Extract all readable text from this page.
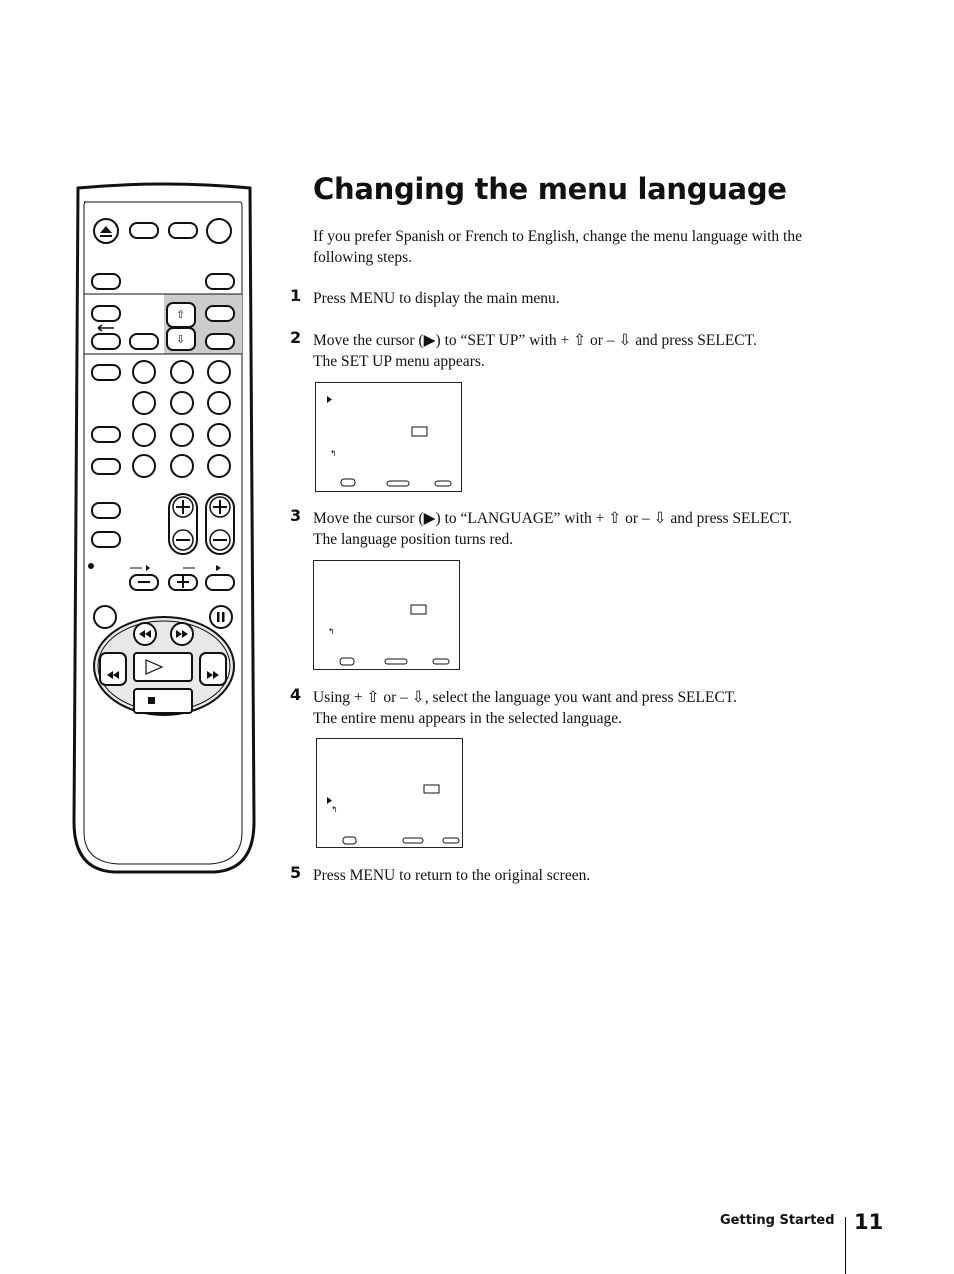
⇧
⇩
Changing the menu language
If you prefer Spanish or French to English, change the menu language with the following steps.
1 Press MENU to display the main menu.
2 Move the cursor (▶) to “SET UP” with + ⇧ or – ⇩ and press SELECT.
The SET UP menu appears.
↰
3 Move the cursor (▶) to “LANGUAGE” with + ⇧ or – ⇩ and press SELECT.
The language position turns red.
↰
4 Using + ⇧ or – ⇩, select the language you want and press SELECT.
The entire menu appears in the selected language.
↰
5 Press MENU to return to the original screen.
Getting Started 11
